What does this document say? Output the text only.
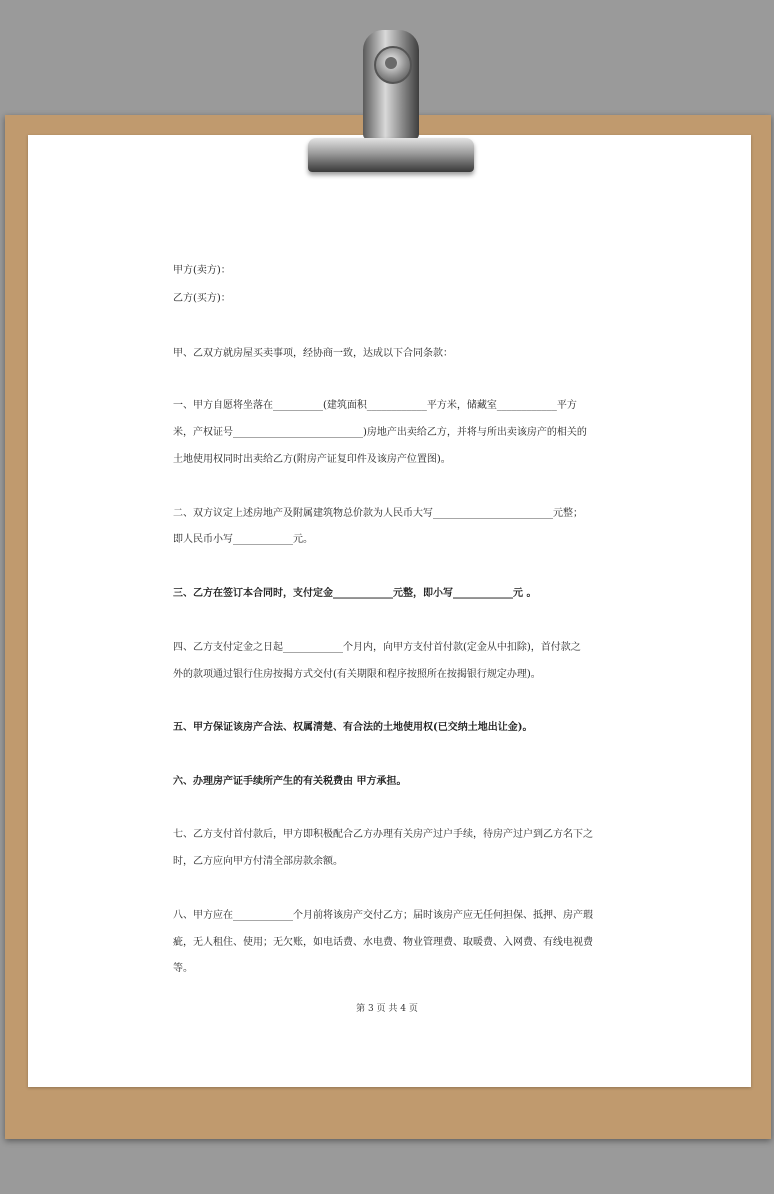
甲方(卖方)：

乙方(买方)：

甲、乙双方就房屋买卖事项，经协商一致，达成以下合同条款：

一、甲方自愿将坐落在__________(建筑面积____________平方米，储藏室____________平方

米，产权证号__________________________)房地产出卖给乙方，并将与所出卖该房产的相关的

土地使用权同时出卖给乙方(附房产证复印件及该房产位置图)。

二、双方议定上述房地产及附属建筑物总价款为人民币大写________________________元整；

即人民币小写____________元。

三、乙方在签订本合同时，支付定金____________元整，即小写____________元 。

四、乙方支付定金之日起____________个月内，向甲方支付首付款(定金从中扣除)，首付款之

外的款项通过银行住房按揭方式交付(有关期限和程序按照所在按揭银行规定办理)。

五、甲方保证该房产合法、权属清楚、有合法的土地使用权(已交纳土地出让金)。

六、办理房产证手续所产生的有关税费由 甲方承担。

七、乙方支付首付款后，甲方即积极配合乙方办理有关房产过户手续，待房产过户到乙方名下之

时，乙方应向甲方付清全部房款余额。

八、甲方应在____________个月前将该房产交付乙方；届时该房产应无任何担保、抵押、房产瑕

疵，无人租住、使用；无欠账，如电话费、水电费、物业管理费、取暖费、入网费、有线电视费

等。

第 3 页 共 4 页
